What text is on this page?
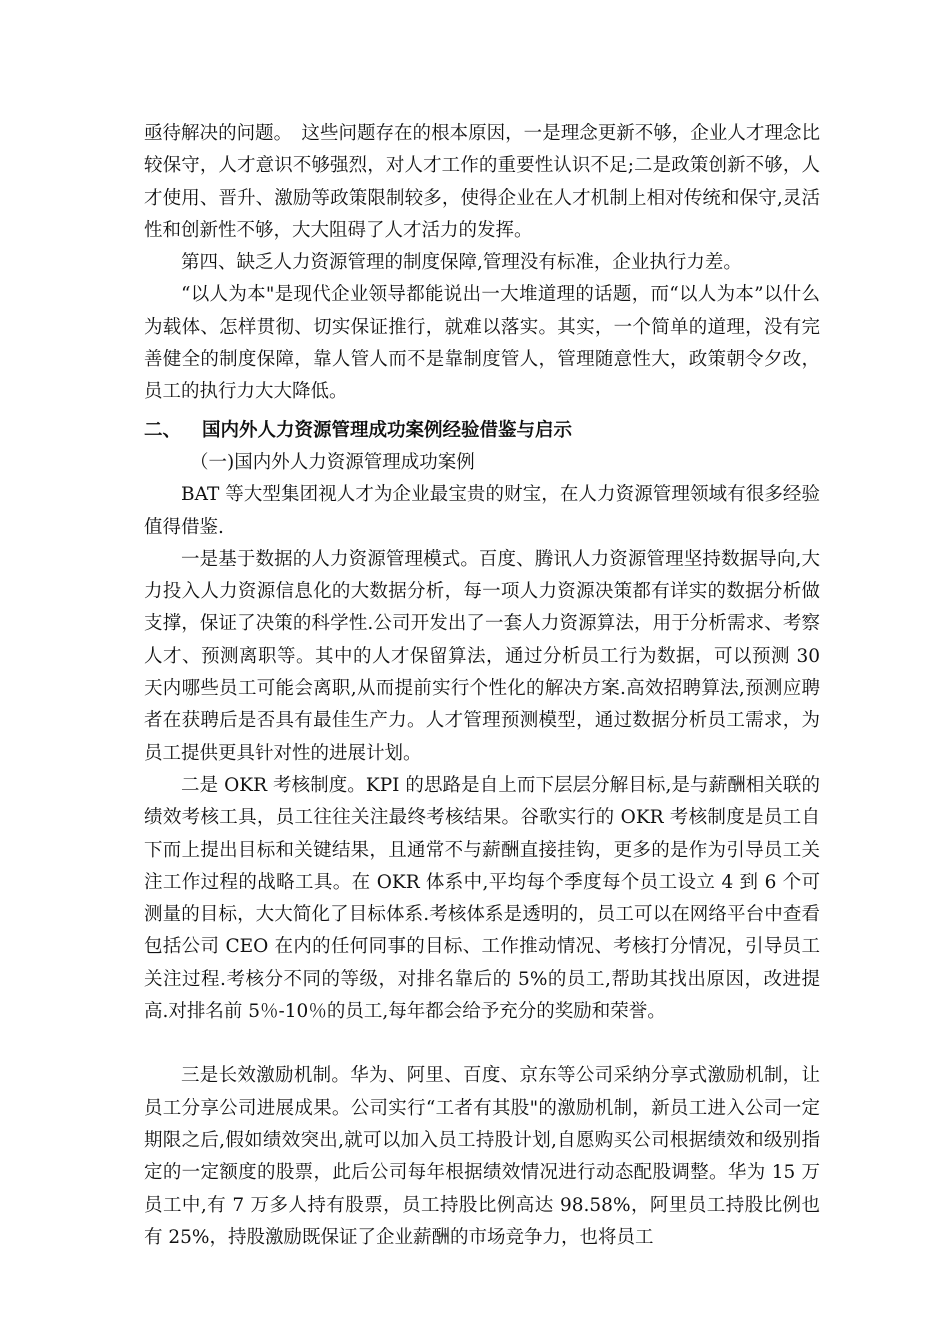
亟待解决的问题。　这些问题存在的根本原因，一是理念更新不够，企业人才理念比较保守，人才意识不够强烈，对人才工作的重要性认识不足;二是政策创新不够，人才使用、晋升、激励等政策限制较多，使得企业在人才机制上相对传统和保守,灵活性和创新性不够，大大阻碍了人才活力的发挥。

第四、缺乏人力资源管理的制度保障,管理没有标准，企业执行力差。

“以人为本"是现代企业领导都能说出一大堆道理的话题，而“以人为本”以什么为载体、怎样贯彻、切实保证推行，就难以落实。其实，一个简单的道理，没有完善健全的制度保障，靠人管人而不是靠制度管人，管理随意性大，政策朝令夕改，员工的执行力大大降低。

二、 国内外人力资源管理成功案例经验借鉴与启示

（一)国内外人力资源管理成功案例

BAT 等大型集团视人才为企业最宝贵的财宝，在人力资源管理领域有很多经验值得借鉴.

一是基于数据的人力资源管理模式。百度、腾讯人力资源管理坚持数据导向,大力投入人力资源信息化的大数据分析，每一项人力资源决策都有详实的数据分析做支撑，保证了决策的科学性.公司开发出了一套人力资源算法，用于分析需求、考察人才、预测离职等。其中的人才保留算法，通过分析员工行为数据，可以预测 30 天内哪些员工可能会离职,从而提前实行个性化的解决方案.高效招聘算法,预测应聘者在获聘后是否具有最佳生产力。人才管理预测模型，通过数据分析员工需求，为员工提供更具针对性的进展计划。

二是 OKR 考核制度。KPI 的思路是自上而下层层分解目标,是与薪酬相关联的绩效考核工具，员工往往关注最终考核结果。谷歌实行的 OKR 考核制度是员工自下而上提出目标和关键结果，且通常不与薪酬直接挂钩，更多的是作为引导员工关注工作过程的战略工具。在 OKR 体系中,平均每个季度每个员工设立 4 到 6 个可测量的目标，大大简化了目标体系.考核体系是透明的，员工可以在网络平台中查看包括公司 CEO 在内的任何同事的目标、工作推动情况、考核打分情况，引导员工关注过程.考核分不同的等级，对排名靠后的 5%的员工,帮助其找出原因，改进提高.对排名前 5％-10％的员工,每年都会给予充分的奖励和荣誉。

三是长效激励机制。华为、阿里、百度、京东等公司采纳分享式激励机制，让员工分享公司进展成果。公司实行“工者有其股"的激励机制，新员工进入公司一定期限之后,假如绩效突出,就可以加入员工持股计划,自愿购买公司根据绩效和级别指定的一定额度的股票，此后公司每年根据绩效情况进行动态配股调整。华为 15 万员工中,有 7 万多人持有股票，员工持股比例高达 98.58%，阿里员工持股比例也有 25%，持股激励既保证了企业薪酬的市场竞争力，也将员工
